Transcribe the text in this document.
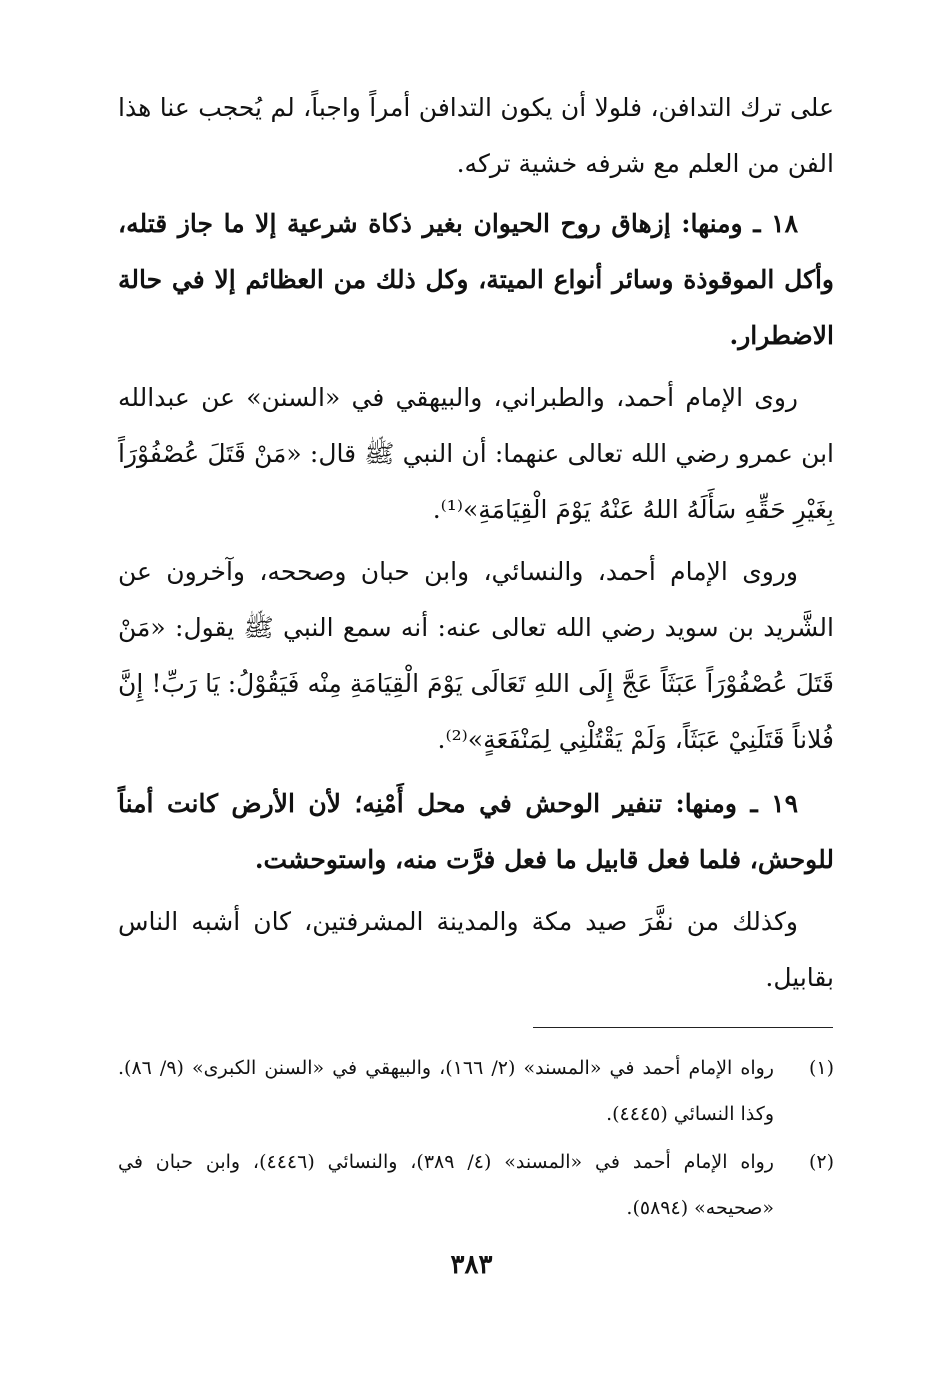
على ترك التدافن، فلولا أن يكون التدافن أمراً واجباً، لم يُحجب عنا هذا الفن من العلم مع شرفه خشية تركه.

١٨ ـ ومنها: إزهاق روح الحيوان بغير ذكاة شرعية إلا ما جاز قتله، وأكل الموقوذة وسائر أنواع الميتة، وكل ذلك من العظائم إلا في حالة الاضطرار.

روى الإمام أحمد، والطبراني، والبيهقي في «السنن» عن عبدالله ابن عمرو رضي الله تعالى عنهما: أن النبي ﷺ قال: «مَنْ قَتَلَ عُصْفُوْرَاً بِغَيْرِ حَقِّهِ سَأَلَهُ اللهُ عَنْهُ يَوْمَ الْقِيَامَةِ»⁽¹⁾.

وروى الإمام أحمد، والنسائي، وابن حبان وصححه، وآخرون عن الشَّريد بن سويد رضي الله تعالى عنه: أنه سمع النبي ﷺ يقول: «مَنْ قَتَلَ عُصْفُوْرَاً عَبَثَاً عَجَّ إِلَى اللهِ تَعَالَى يَوْمَ الْقِيَامَةِ مِنْه فَيَقُوْلُ: يَا رَبِّ! إِنَّ فُلاناً قَتَلَنِيْ عَبَثَاً، وَلَمْ يَقْتُلْنِي لِمَنْفَعَةٍ»⁽²⁾.

١٩ ـ ومنها: تنفير الوحش في محل أَمْنِه؛ لأن الأرض كانت أمناً للوحش، فلما فعل قابيل ما فعل فرَّت منه، واستوحشت.

وكذلك من نفَّرَ صيد مكة والمدينة المشرفتين، كان أشبه الناس بقابيل.

(١)
رواه الإمام أحمد في «المسند» (٢/ ١٦٦)، والبيهقي في «السنن الكبرى» (٩/ ٨٦). وكذا النسائي (٤٤٤٥).
(٢)
رواه الإمام أحمد في «المسند» (٤/ ٣٨٩)، والنسائي (٤٤٤٦)، وابن حبان في «صحيحه» (٥٨٩٤).
٣٨٣
